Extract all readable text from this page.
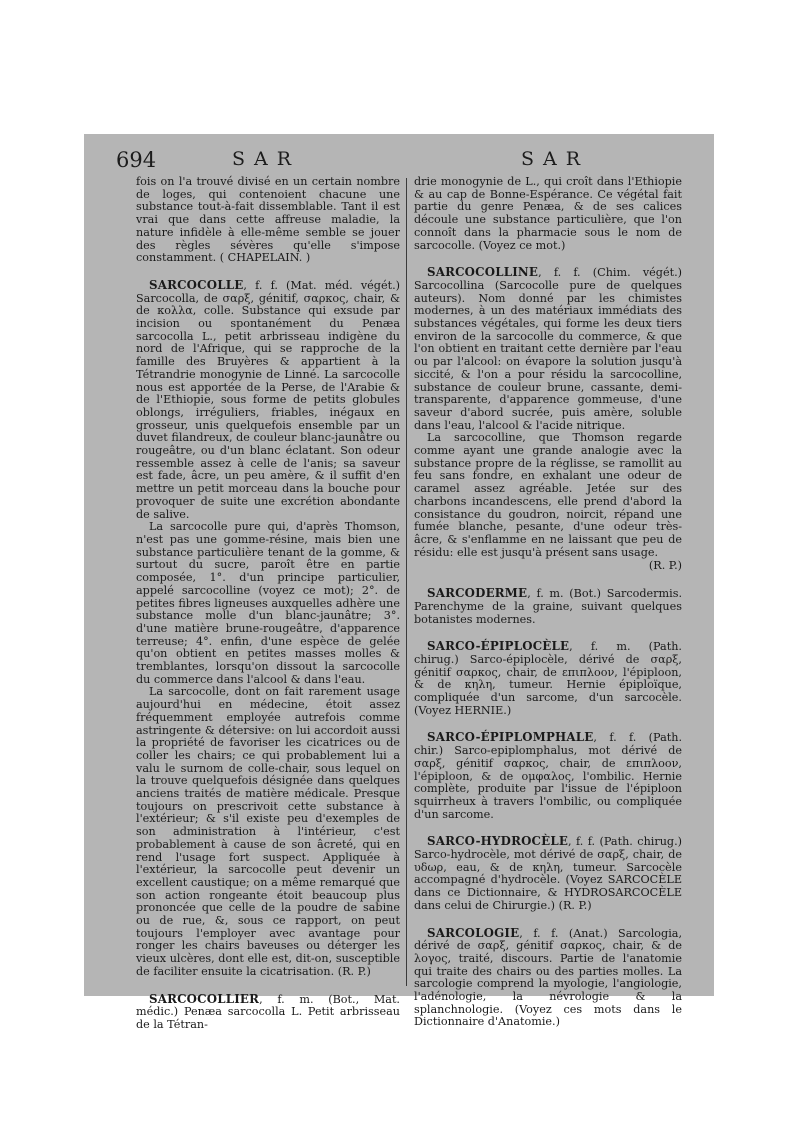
694	SAR	SAR

fois on l'a trouvé divisé en un certain nombre de loges, qui contenoient chacune une substance tout-à-fait dissemblable. Tant il est vrai que dans cette affreuse maladie, la nature infidèle à elle-même semble se jouer des règles sévères qu'elle s'impose constamment. ( CHAPELAIN. )

SARCOCOLLE, f. f. (Mat. méd. végét.) Sarcocolla, de σαρξ, génitif, σαρκος, chair, & de κολλα, colle. Substance qui exsude par incision ou spontanément du Penæa sarcocolla L., petit arbrisseau indigène du nord de l'Afrique, qui se rapproche de la famille des Bruyères & appartient à la Tétrandrie monogynie de Linné. La sarcocolle nous est apportée de la Perse, de l'Arabie & de l'Ethiopie, sous forme de petits globules oblongs, irréguliers, friables, inégaux en grosseur, unis quelquefois ensemble par un duvet filandreux, de couleur blanc-jaunâtre ou rougeâtre, ou d'un blanc éclatant. Son odeur ressemble assez à celle de l'anis; sa saveur est fade, âcre, un peu amère, & il suffit d'en mettre un petit morceau dans la bouche pour provoquer de suite une excrétion abondante de salive.

La sarcocolle pure qui, d'après Thomson, n'est pas une gomme-résine, mais bien une substance particulière tenant de la gomme, & surtout du sucre, paroît être en partie composée, 1°. d'un principe particulier, appelé sarcocolline (voyez ce mot); 2°. de petites fibres ligneuses auxquelles adhère une substance molle d'un blanc-jaunâtre; 3°. d'une matière brune-rougeâtre, d'apparence terreuse; 4°. enfin, d'une espèce de gelée qu'on obtient en petites masses molles & tremblantes, lorsqu'on dissout la sarcocolle du commerce dans l'alcool & dans l'eau.

La sarcocolle, dont on fait rarement usage aujourd'hui en médecine, étoit assez fréquemment employée autrefois comme astringente & détersive: on lui accordoit aussi la propriété de favoriser les cicatrices ou de coller les chairs; ce qui probablement lui a valu le surnom de colle-chair, sous lequel on la trouve quelquefois désignée dans quelques anciens traités de matière médicale. Presque toujours on prescrivoit cette substance à l'extérieur; & s'il existe peu d'exemples de son administration à l'intérieur, c'est probablement à cause de son âcreté, qui en rend l'usage fort suspect. Appliquée à l'extérieur, la sarcocolle peut devenir un excellent caustique; on a même remarqué que son action rongeante étoit beaucoup plus prononcée que celle de la poudre de sabine ou de rue, &, sous ce rapport, on peut toujours l'employer avec avantage pour ronger les chairs baveuses ou déterger les vieux ulcères, dont elle est, dit-on, susceptible de faciliter ensuite la cicatrisation. (R. P.)

SARCOCOLLIER, f. m. (Bot., Mat. médic.) Penæa sarcocolla L. Petit arbrisseau de la Tétran-

drie monogynie de L., qui croît dans l'Ethiopie & au cap de Bonne-Espérance. Ce végétal fait partie du genre Penæa, & de ses calices découle une substance particulière, que l'on connoît dans la pharmacie sous le nom de sarcocolle. (Voyez ce mot.)

SARCOCOLLINE, f. f. (Chim. végét.) Sarcocollina (Sarcocolle pure de quelques auteurs). Nom donné par les chimistes modernes, à un des matériaux immédiats des substances végétales, qui forme les deux tiers environ de la sarcocolle du commerce, & que l'on obtient en traitant cette dernière par l'eau ou par l'alcool: on évapore la solution jusqu'à siccité, & l'on a pour résidu la sarcocolline, substance de couleur brune, cassante, demi-transparente, d'apparence gommeuse, d'une saveur d'abord sucrée, puis amère, soluble dans l'eau, l'alcool & l'acide nitrique.

La sarcocolline, que Thomson regarde comme ayant une grande analogie avec la substance propre de la réglisse, se ramollit au feu sans fondre, en exhalant une odeur de caramel assez agréable. Jetée sur des charbons incandescens, elle prend d'abord la consistance du goudron, noircit, répand une fumée blanche, pesante, d'une odeur très-âcre, & s'enflamme en ne laissant que peu de résidu: elle est jusqu'à présent sans usage.

(R. P.)

SARCODERME, f. m. (Bot.) Sarcodermis. Parenchyme de la graine, suivant quelques botanistes modernes.

SARCO-ÉPIPLOCÈLE, f. m. (Path. chirug.) Sarco-épiplocèle, dérivé de σαρξ, génitif σαρκος, chair, de επιπλοον, l'épiploon, & de κηλη, tumeur. Hernie épiploïque, compliquée d'un sarcome, d'un sarcocèle. (Voyez HERNIE.)

SARCO-ÉPIPLOMPHALE, f. f. (Path. chir.) Sarco-epiplomphalus, mot dérivé de σαρξ, génitif σαρκος, chair, de επιπλοον, l'épiploon, & de ομφαλος, l'ombilic. Hernie complète, produite par l'issue de l'épiploon squirrheux à travers l'ombilic, ou compliquée d'un sarcome.

SARCO-HYDROCÈLE, f. f. (Path. chirug.) Sarco-hydrocèle, mot dérivé de σαρξ, chair, de υδωρ, eau, & de κηλη, tumeur. Sarcocèle accompagné d'hydrocèle. (Voyez SARCOCÈLE dans ce Dictionnaire, & HYDROSARCOCÈLE dans celui de Chirurgie.) (R. P.)

SARCOLOGIE, f. f. (Anat.) Sarcologia, dérivé de σαρξ, génitif σαρκος, chair, & de λογος, traité, discours. Partie de l'anatomie qui traite des chairs ou des parties molles. La sarcologie comprend la myologie, l'angiologie, l'adénologie, la névrologie & la splanchnologie. (Voyez ces mots dans le Dictionnaire d'Anatomie.)
